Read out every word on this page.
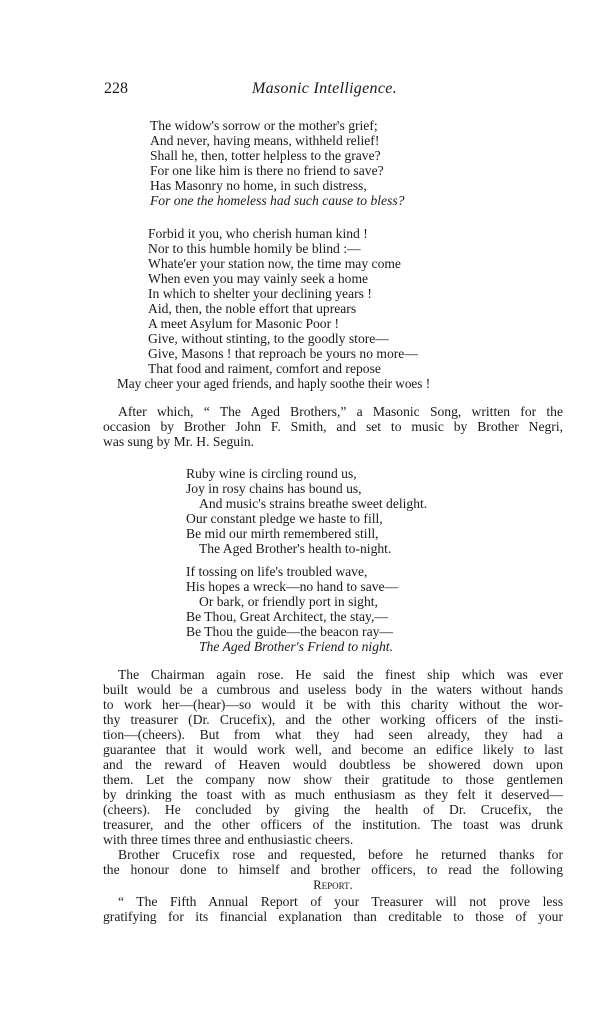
228	Masonic Intelligence.
The widow's sorrow or the mother's grief;
And never, having means, withheld relief!
Shall he, then, totter helpless to the grave?
For one like him is there no friend to save?
Has Masonry no home, in such distress,
For one the homeless had such cause to bless?
Forbid it you, who cherish human kind !
Nor to this humble homily be blind :—
Whate'er your station now, the time may come
When even you may vainly seek a home
In which to shelter your declining years !
Aid, then, the noble effort that uprears
A meet Asylum for Masonic Poor !
Give, without stinting, to the goodly store—
Give, Masons ! that reproach be yours no more—
That food and raiment, comfort and repose
May cheer your aged friends, and haply soothe their woes !
After which, “ The Aged Brothers,” a Masonic Song, written for the
occasion by Brother John F. Smith, and set to music by Brother Negri,
was sung by Mr. H. Seguin.
Ruby wine is circling round us,
Joy in rosy chains has bound us,
And music's strains breathe sweet delight.
Our constant pledge we haste to fill,
Be mid our mirth remembered still,
The Aged Brother's health to-night.
If tossing on life's troubled wave,
His hopes a wreck—no hand to save—
Or bark, or friendly port in sight,
Be Thou, Great Architect, the stay,—
Be Thou the guide—the beacon ray—
The Aged Brother's Friend to night.
The Chairman again rose. He said the finest ship which was ever
built would be a cumbrous and useless body in the waters without hands
to work her—(hear)—so would it be with this charity without the wor-
thy treasurer (Dr. Crucefix), and the other working officers of the insti-
tion—(cheers). But from what they had seen already, they had a
guarantee that it would work well, and become an edifice likely to last
and the reward of Heaven would doubtless be showered down upon
them. Let the company now show their gratitude to those gentlemen
by drinking the toast with as much enthusiasm as they felt it deserved—
(cheers). He concluded by giving the health of Dr. Crucefix, the
treasurer, and the other officers of the institution. The toast was drunk
with three times three and enthusiastic cheers.
Brother Crucefix rose and requested, before he returned thanks for
the honour done to himself and brother officers, to read the following
Report.
“ The Fifth Annual Report of your Treasurer will not prove less
gratifying for its financial explanation than creditable to those of your
